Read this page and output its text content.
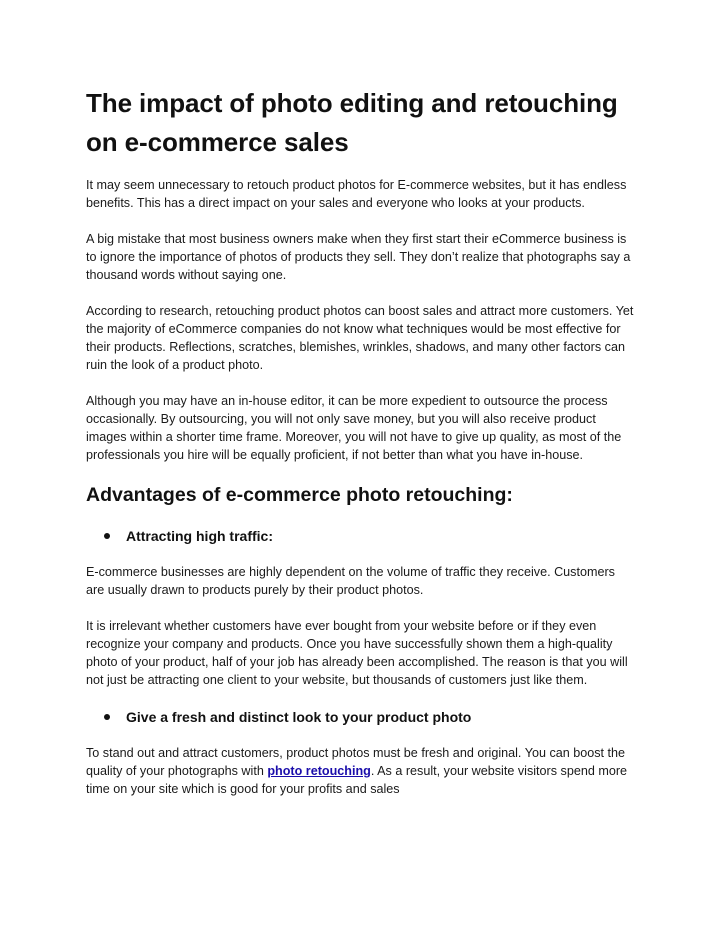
The impact of photo editing and retouching on e-commerce sales

It may seem unnecessary to retouch product photos for E-commerce websites, but it has endless benefits. This has a direct impact on your sales and everyone who looks at your products.

A big mistake that most business owners make when they first start their eCommerce business is to ignore the importance of photos of products they sell. They don’t realize that photographs say a thousand words without saying one.

According to research, retouching product photos can boost sales and attract more customers. Yet the majority of eCommerce companies do not know what techniques would be most effective for their products. Reflections, scratches, blemishes, wrinkles, shadows, and many other factors can ruin the look of a product photo.

Although you may have an in-house editor, it can be more expedient to outsource the process occasionally. By outsourcing, you will not only save money, but you will also receive product images within a shorter time frame. Moreover, you will not have to give up quality, as most of the professionals you hire will be equally proficient, if not better than what you have in-house.

Advantages of e-commerce photo retouching:
Attracting high traffic:

E-commerce businesses are highly dependent on the volume of traffic they receive. Customers are usually drawn to products purely by their product photos.

It is irrelevant whether customers have ever bought from your website before or if they even recognize your company and products. Once you have successfully shown them a high-quality photo of your product, half of your job has already been accomplished. The reason is that you will not just be attracting one client to your website, but thousands of customers just like them.

Give a fresh and distinct look to your product photo

To stand out and attract customers, product photos must be fresh and original. You can boost the quality of your photographs with photo retouching. As a result, your website visitors spend more time on your site which is good for your profits and sales
